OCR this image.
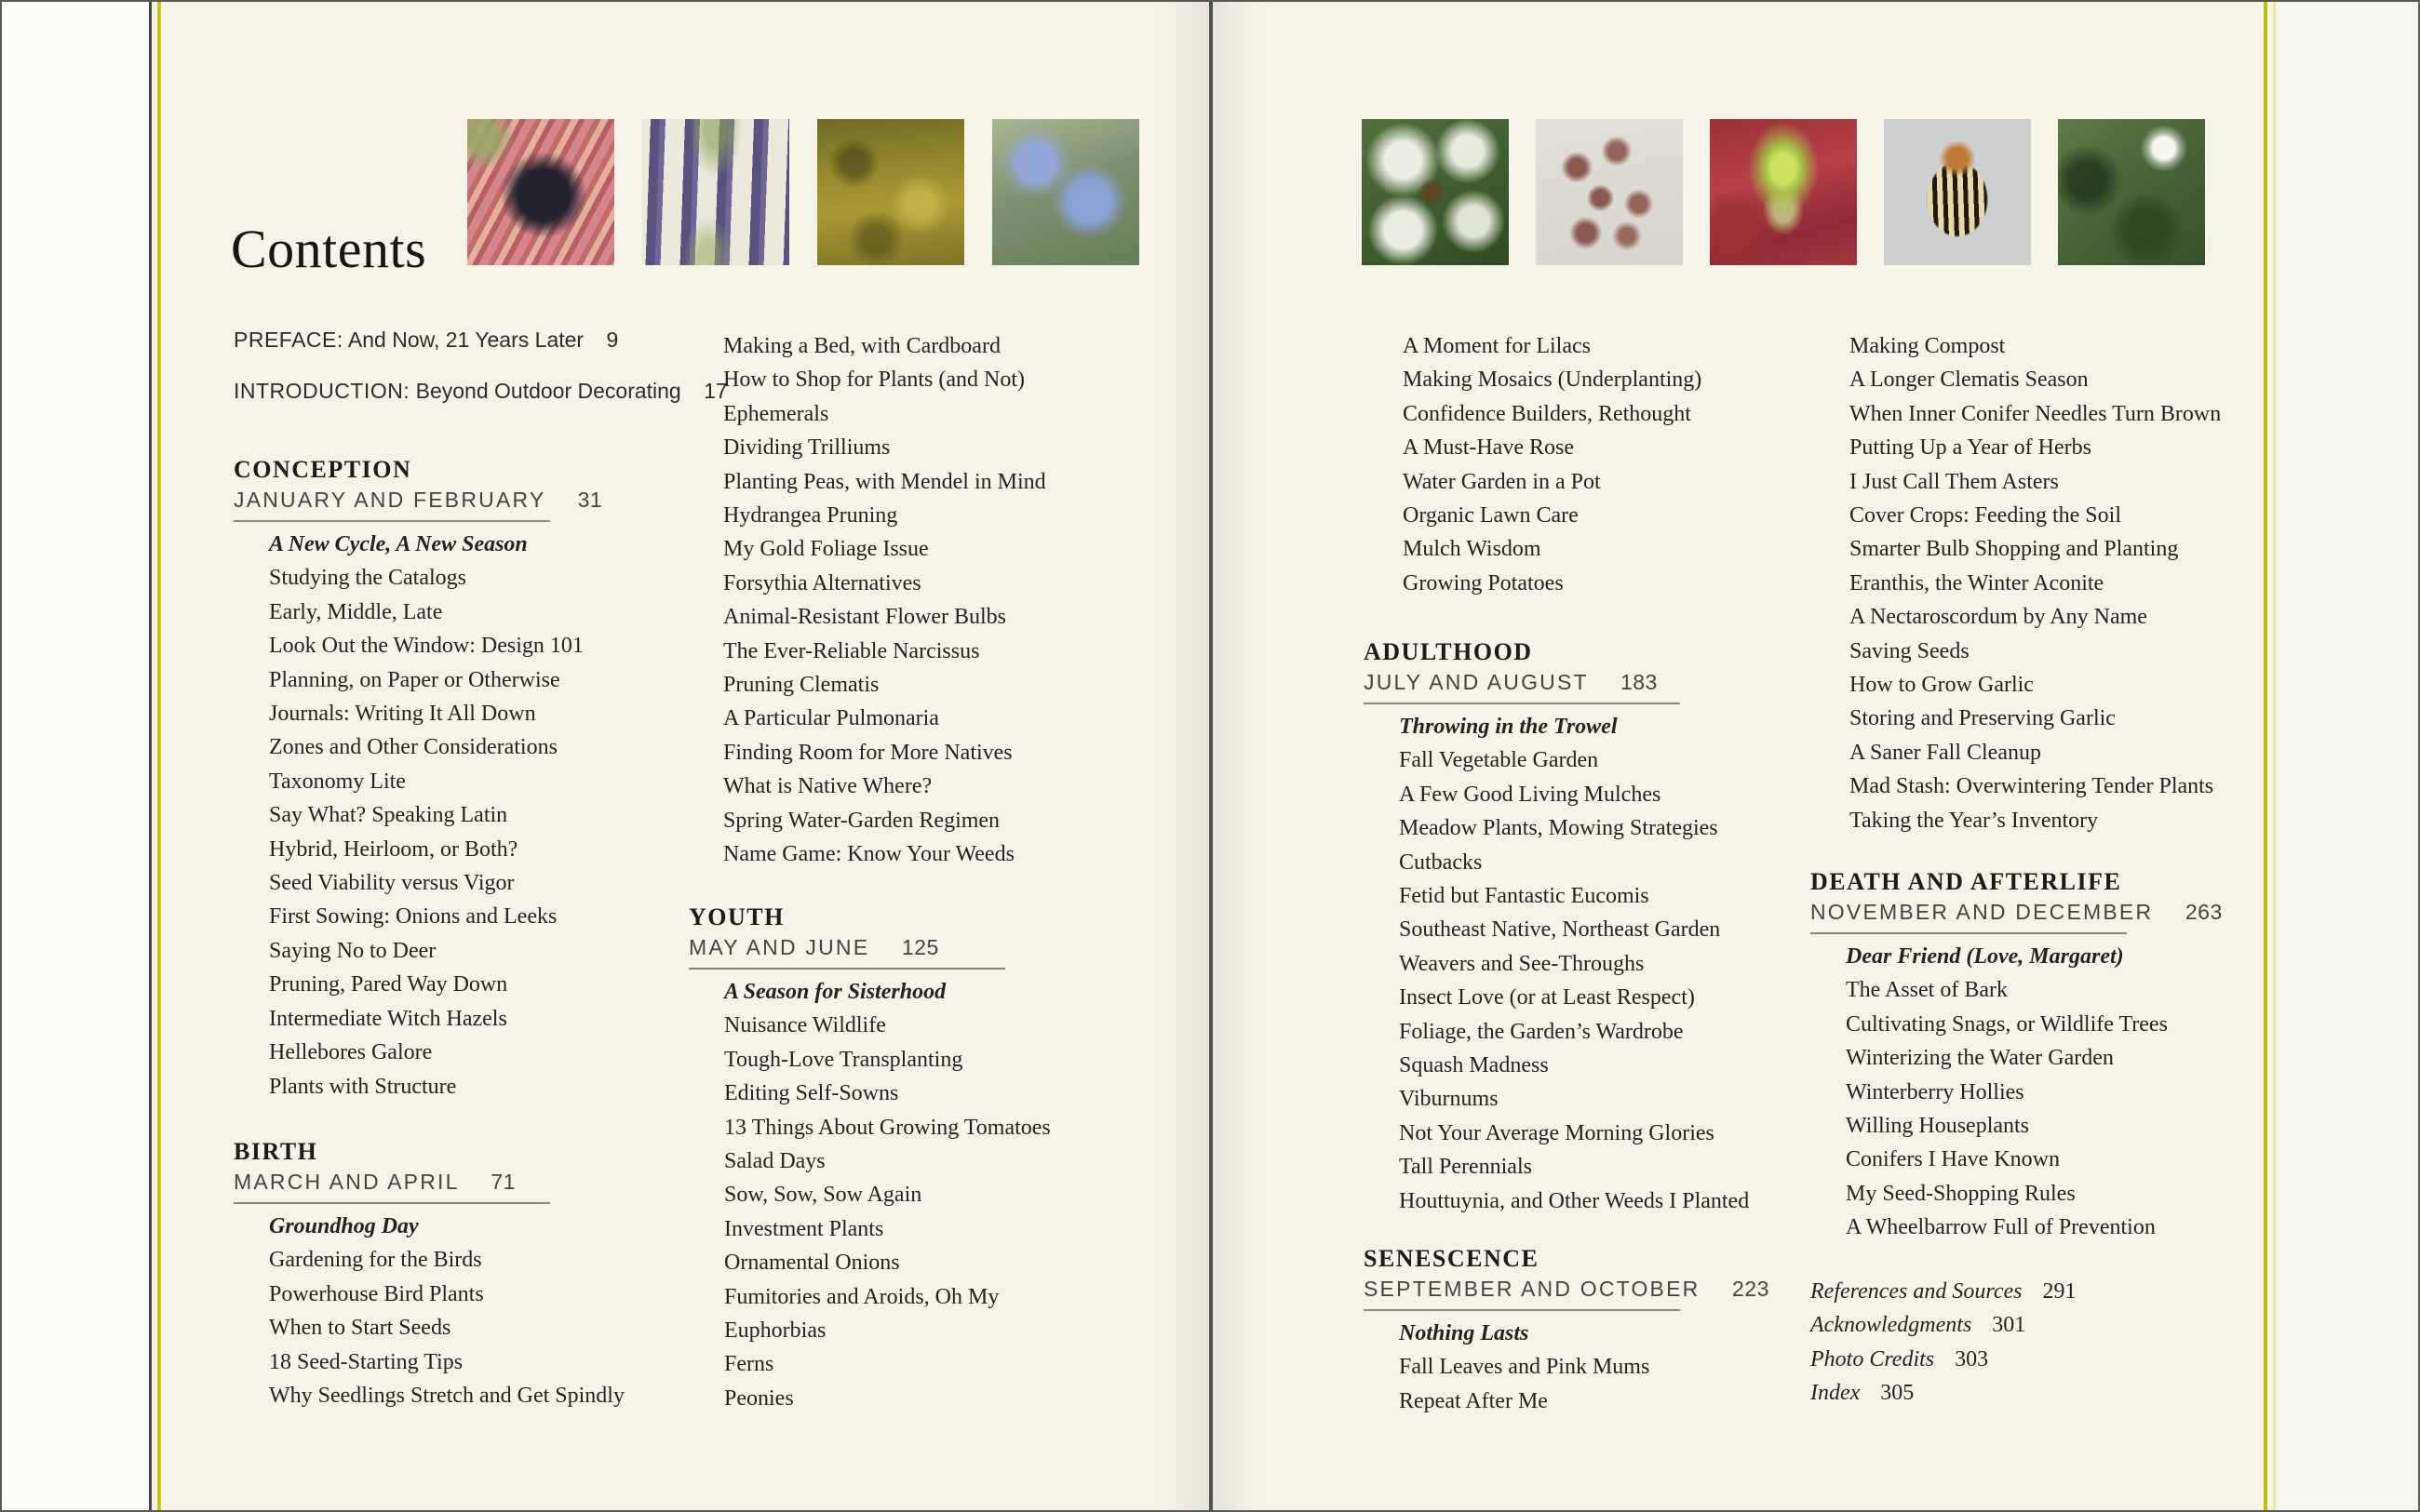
Contents
PREFACE: And Now, 21 Years Later 9
INTRODUCTION: Beyond Outdoor Decorating 17
CONCEPTION
JANUARY AND FEBRUARY 31
A New Cycle, A New Season
Studying the Catalogs
Early, Middle, Late
Look Out the Window: Design 101
Planning, on Paper or Otherwise
Journals: Writing It All Down
Zones and Other Considerations
Taxonomy Lite
Say What? Speaking Latin
Hybrid, Heirloom, or Both?
Seed Viability versus Vigor
First Sowing: Onions and Leeks
Saying No to Deer
Pruning, Pared Way Down
Intermediate Witch Hazels
Hellebores Galore
Plants with Structure
BIRTH
MARCH AND APRIL 71
Groundhog Day
Gardening for the Birds
Powerhouse Bird Plants
When to Start Seeds
18 Seed-Starting Tips
Why Seedlings Stretch and Get Spindly
Making a Bed, with Cardboard
How to Shop for Plants (and Not)
Ephemerals
Dividing Trilliums
Planting Peas, with Mendel in Mind
Hydrangea Pruning
My Gold Foliage Issue
Forsythia Alternatives
Animal-Resistant Flower Bulbs
The Ever-Reliable Narcissus
Pruning Clematis
A Particular Pulmonaria
Finding Room for More Natives
What is Native Where?
Spring Water-Garden Regimen
Name Game: Know Your Weeds
YOUTH
MAY AND JUNE 125
A Season for Sisterhood
Nuisance Wildlife
Tough-Love Transplanting
Editing Self-Sowns
13 Things About Growing Tomatoes
Salad Days
Sow, Sow, Sow Again
Investment Plants
Ornamental Onions
Fumitories and Aroids, Oh My
Euphorbias
Ferns
Peonies
A Moment for Lilacs
Making Mosaics (Underplanting)
Confidence Builders, Rethought
A Must-Have Rose
Water Garden in a Pot
Organic Lawn Care
Mulch Wisdom
Growing Potatoes
ADULTHOOD
JULY AND AUGUST 183
Throwing in the Trowel
Fall Vegetable Garden
A Few Good Living Mulches
Meadow Plants, Mowing Strategies
Cutbacks
Fetid but Fantastic Eucomis
Southeast Native, Northeast Garden
Weavers and See-Throughs
Insect Love (or at Least Respect)
Foliage, the Garden’s Wardrobe
Squash Madness
Viburnums
Not Your Average Morning Glories
Tall Perennials
Houttuynia, and Other Weeds I Planted
SENESCENCE
SEPTEMBER AND OCTOBER 223
Nothing Lasts
Fall Leaves and Pink Mums
Repeat After Me
Making Compost
A Longer Clematis Season
When Inner Conifer Needles Turn Brown
Putting Up a Year of Herbs
I Just Call Them Asters
Cover Crops: Feeding the Soil
Smarter Bulb Shopping and Planting
Eranthis, the Winter Aconite
A Nectaroscordum by Any Name
Saving Seeds
How to Grow Garlic
Storing and Preserving Garlic
A Saner Fall Cleanup
Mad Stash: Overwintering Tender Plants
Taking the Year’s Inventory
DEATH AND AFTERLIFE
NOVEMBER AND DECEMBER 263
Dear Friend (Love, Margaret)
The Asset of Bark
Cultivating Snags, or Wildlife Trees
Winterizing the Water Garden
Winterberry Hollies
Willing Houseplants
Conifers I Have Known
My Seed-Shopping Rules
A Wheelbarrow Full of Prevention
References and Sources 291
Acknowledgments 301
Photo Credits 303
Index 305
